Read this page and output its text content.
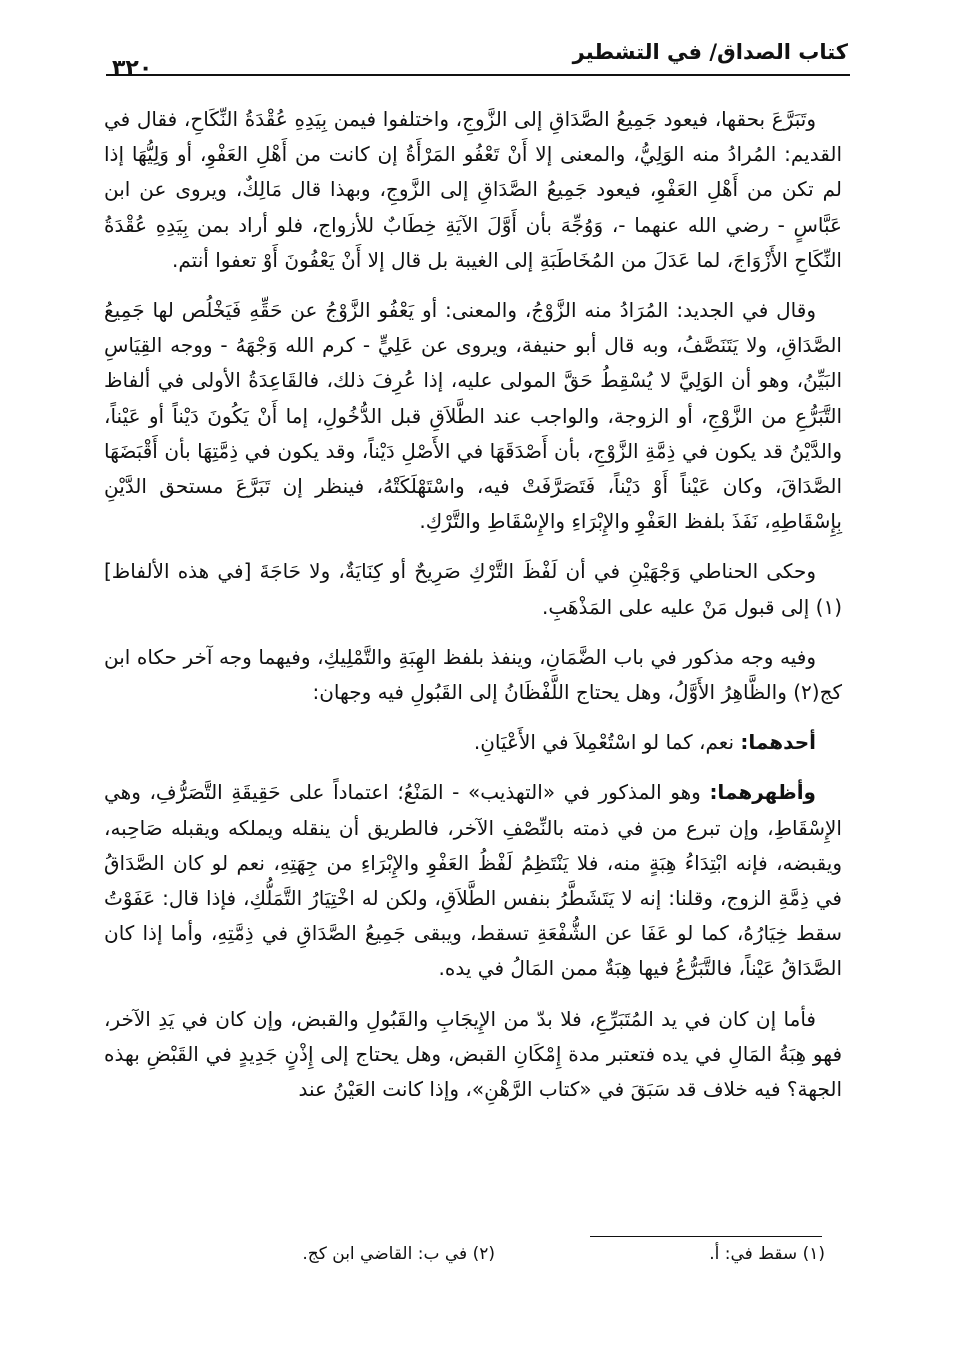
كتاب الصداق/ في التشطير
٣٢٠

وتَبَرَّعَ بحقها، فيعود جَمِيعُ الصَّدَاقِ إلى الزَّوجِ، واختلفوا فيمن بِيَدِهِ عُقْدَةُ النِّكَاحِ، فقال في القديم: المُرادُ منه الوَلِيُّ، والمعنى إلا أَنْ تَعْفُو المَرْأَةُ إن كانت من أَهْلِ العَفْوِ، أو وَلِيُّهَا إذا لم تكن من أَهْلِ العَفْوِ، فيعود جَمِيعُ الصَّدَاقِ إلى الزَّوجِ، وبهذا قال مَالِكٌ، ويروى عن ابن عَبَّاسٍ - رضي الله عنهما -، وَوُجِّهَ بأن أَوَّلَ الآيَةِ خِطَابٌ للأزواج، فلو أراد بمن بِيَدِهِ عُقْدَةُ النِّكَاحِ الأَزْوَاجَ، لما عَدَلَ من المُخَاطَبَةِ إلى الغيبة بل قال إلا أَنْ يَعْفُونَ أَوْ تعفوا أنتم.

وقال في الجديد: المُرَادُ منه الزَّوْجُ، والمعنى: أو يَعْفُو الزَّوْجُ عن حَقِّهِ فَيَخْلُص لها جَمِيعُ الصَّدَاقِ، ولا يَتَنَصَّفُ، وبه قال أبو حنيفة، ويروى عن عَلِيٍّ - كرم الله وَجْهَهُ - ووجه القِيَاسِ البَيِّنُ، وهو أن الوَلِيَّ لا يُسْقِطُ حَقَّ المولى عليه، إذا عُرِفَ ذلك، فالقَاعِدَةُ الأولى في ألفاظ التَّبَرُّعِ من الزَّوْجِ، أو الزوجة، والواجب عند الطَّلاَقِ قبل الدُّخُولِ، إما أَنْ يَكُونَ دَيْناً أو عَيْناً، والدَّيْنُ قد يكون في ذِمَّةِ الزَّوْجِ، بأن أَصْدَقَهَا في الأَصْلِ دَيْناً، وقد يكون في ذِمَّتِهَا بأن أَقْبَضَهَا الصَّدَاقَ، وكان عَيْناً أَوْ دَيْناً، فَتَصَرَّفَتْ فيه، واسْتَهْلَكَتْهُ، فينظر إن تَبَرَّعَ مستحق الدَّيْنِ بِإِسْقَاطِهِ، نَفَذَ بلفظ العَفْوِ والإِبْرَاءِ والإِسْقَاطِ والتَّرْكِ.

وحكى الحناطي وَجْهَيْنِ في أن لَفْظَ التَّرْكِ صَرِيحٌ أو كِنَايَةٌ، ولا حَاجَةَ [في هذه الألفاظ](١) إلى قبول مَنْ عليه على المَذْهَبِ.

وفيه وجه مذكور في باب الضَّمَانِ، وينفذ بلفظ الهِبَةِ والتَّمْلِيكِ، وفيهما وجه آخر حكاه ابن كج(٢) والظَّاهِرُ الأَوَّلُ، وهل يحتاج اللَّفْظَانُ إلى القَبُولِ فيه وجهان:

أحدهما: نعم، كما لو اسْتُعْمِلاَ في الأَعْيَانِ.

وأظهرهما: وهو المذكور في «التهذيب» - المَنْعُ؛ اعتماداً على حَقِيقَةِ التَّصَرُّفِ، وهي الإِسْقَاطِ، وإن تبرع من في ذمته بالنِّصْفِ الآخر، فالطريق أن ينقله ويملكه ويقبله صَاحِبه، ويقبضه، فإنه ابْتِدَاءُ هِبَةٍ منه، فلا يَنْتَظِمُ لَفْظُ العَفْوِ والإِبْرَاءِ من جِهَتِهِ، نعم لو كان الصَّدَاقُ في ذِمَّةِ الزوج، وقلنا: إنه لا يَتَشَطَّرُ بنفس الطَّلاَقِ، ولكن له اخْتِيَارُ التَّمَلُّكِ، فإذا قال: عَفَوْتُ سقط خِيَارُهُ، كما لو عَفَا عن الشُّفْعَةِ تسقط، ويبقى جَمِيعُ الصَّدَاقِ في ذِمَّتِهِ، وأما إذا كان الصَّدَاقُ عَيْناً، فالتَّبَرُّعُ فيها هِبَةٌ ممن المَالُ في يده.

فأما إن كان في يد المُتَبَرِّعِ، فلا بدّ من الإِيجَابِ والقَبُولِ والقبض، وإن كان في يَدِ الآخر، فهو هِبَةُ المَالِ في يده فتعتبر مدة إِمْكَانِ القبض، وهل يحتاج إلى إِذْنٍ جَدِيدٍ في القَبْضِ بهذه الجهة؟ فيه خلاف قد سَبَقَ في «كتاب الرَّهْنِ»، وإذا كانت العَيْنُ عند

(١) سقط في: أ.
(٢) في ب: القاضي ابن كج.
